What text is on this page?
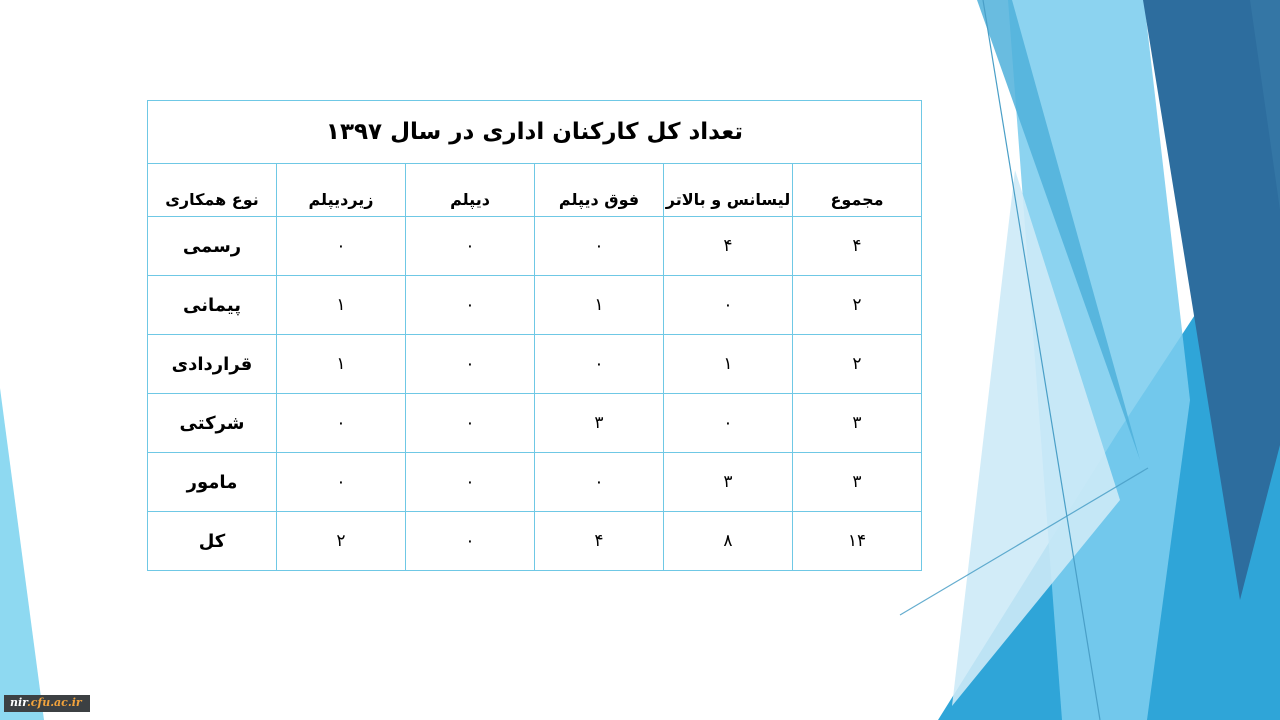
تعداد کل کارکنان اداری در سال ۱۳۹۷					
نوع همکاری	زیردیپلم	دیپلم	فوق دیپلم	لیسانس و بالاتر	مجموع
رسمی	۰	۰	۰	۴	۴
پیمانی	۱	۰	۱	۰	۲
قراردادی	۱	۰	۰	۱	۲
شرکتی	۰	۰	۳	۰	۳
مامور	۰	۰	۰	۳	۳
کل	۲	۰	۴	۸	۱۴
nir.cfu.ac.ir
